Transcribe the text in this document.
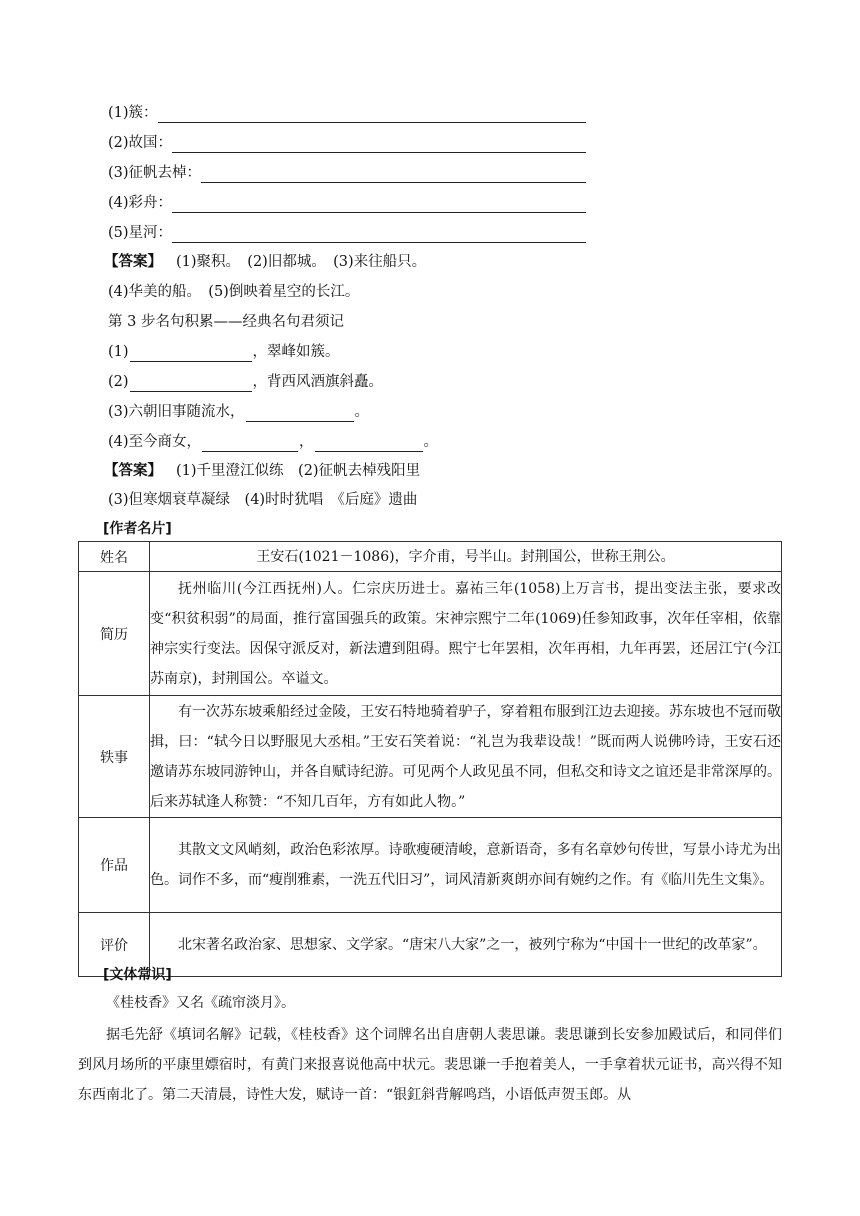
(1) 簇：
(2) 故国：
(3) 征帆去棹：
(4) 彩舟：
(5) 星河：
【答案】 (1)聚积。　(2)旧都城。　(3)来往船只。
(4)华美的船。　(5)倒映着星空的长江。
第 3 步名句积累——经典名句君须记
(1)	，翠峰如簇。
(2)	，背西风酒旗斜矗。
(3)六朝旧事随流水，	。
(4)至今商女，	，	。
【答案】 (1)千里澄江似练　(2)征帆去棹残阳里
(3)但寒烟衰草凝绿　(4)时时犹唱　《后庭》遗曲
[作者名片]
姓名	王安石(1021－1086)，字介甫，号半山。封荆国公，世称王荆公。
简历	抚州临川(今江西抚州)人。仁宗庆历进士。嘉祐三年(1058)上万言书，提出变法主张，要求改变“积贫积弱”的局面，推行富国强兵的政策。宋神宗熙宁二年(1069)任参知政事，次年任宰相，依靠神宗实行变法。因保守派反对，新法遭到阻碍。熙宁七年罢相，次年再相，九年再罢，还居江宁(今江苏南京)，封荆国公。卒谥文。
轶事	有一次苏东坡乘船经过金陵，王安石特地骑着驴子，穿着粗布服到江边去迎接。苏东坡也不冠而敬揖，曰：“轼今日以野服见大丞相。”王安石笑着说：“礼岂为我辈设哉！”既而两人说佛吟诗，王安石还邀请苏东坡同游钟山，并各自赋诗纪游。可见两个人政见虽不同，但私交和诗文之谊还是非常深厚的。后来苏轼逢人称赞：“不知几百年，方有如此人物。”
作品	其散文文风峭刻，政治色彩浓厚。诗歌瘦硬清峻，意新语奇，多有名章妙句传世，写景小诗尤为出色。词作不多，而“瘦削雅素，一洗五代旧习”，词风清新爽朗亦间有婉约之作。有《临川先生文集》。
评价	北宋著名政治家、思想家、文学家。“唐宋八大家”之一，被列宁称为“中国十一世纪的改革家”。
[文体常识]
《桂枝香》又名《疏帘淡月》。
据毛先舒《填词名解》记载，《桂枝香》这个词牌名出自唐朝人裴思谦。裴思谦到长安参加殿试后，和同伴们到风月场所的平康里嫖宿时，有黄门来报喜说他高中状元。裴思谦一手抱着美人，一手拿着状元证书，高兴得不知东西南北了。第二天清晨，诗性大发，赋诗一首：“银釭斜背解鸣珰，小语低声贺玉郎。从
